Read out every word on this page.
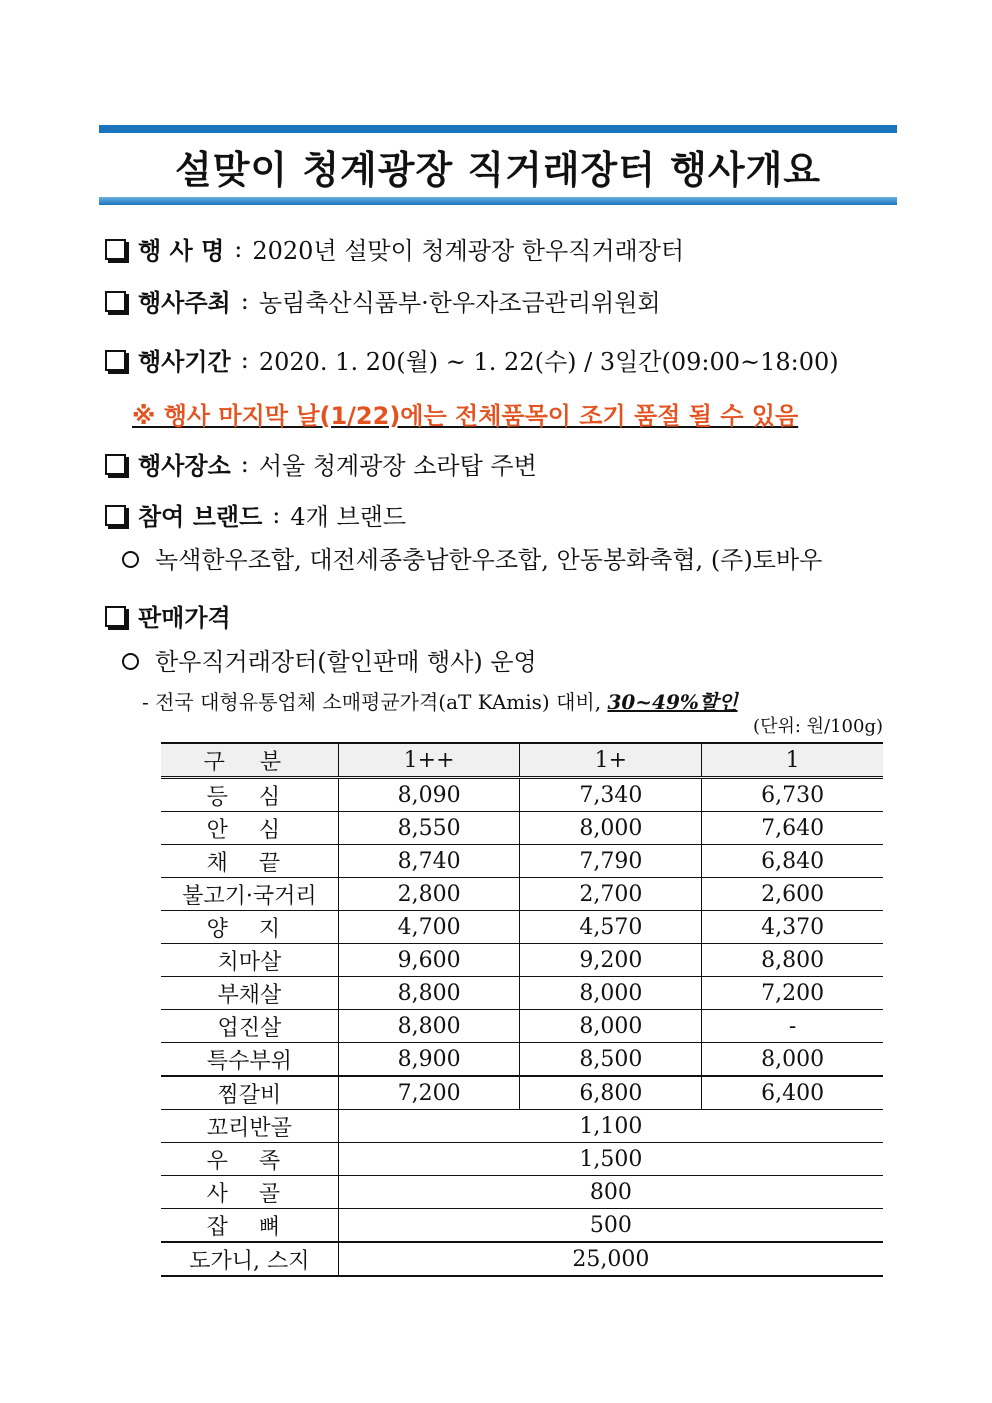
설맞이 청계광장 직거래장터 행사개요
행 사 명 : 2020년 설맞이 청계광장 한우직거래장터
행사주최 : 농림축산식품부·한우자조금관리위원회
행사기간 : 2020. 1. 20(월) ~ 1. 22(수) / 3일간(09:00~18:00)
※ 행사 마지막 날(1/22)에는 전체품목이 조기 품절 될 수 있음
행사장소 : 서울 청계광장 소라탑 주변
참여 브랜드 : 4개 브랜드
녹색한우조합, 대전세종충남한우조합, 안동봉화축협, (주)토바우
판매가격
한우직거래장터(할인판매 행사) 운영
- 전국 대형유통업체 소매평균가격(aT KAmis) 대비, 30~49%할인
(단위: 원/100g)
구 분	1++	1+	1
등 심	8,090	7,340	6,730
안 심	8,550	8,000	7,640
채 끝	8,740	7,790	6,840
불고기·국거리	2,800	2,700	2,600
양 지	4,700	4,570	4,370
치마살	9,600	9,200	8,800
부채살	8,800	8,000	7,200
업진살	8,800	8,000	-
특수부위	8,900	8,500	8,000
찜갈비	7,200	6,800	6,400
꼬리반골	1,100		
우 족	1,500		
사 골	800		
잡 뼈	500		
도가니, 스지	25,000		
